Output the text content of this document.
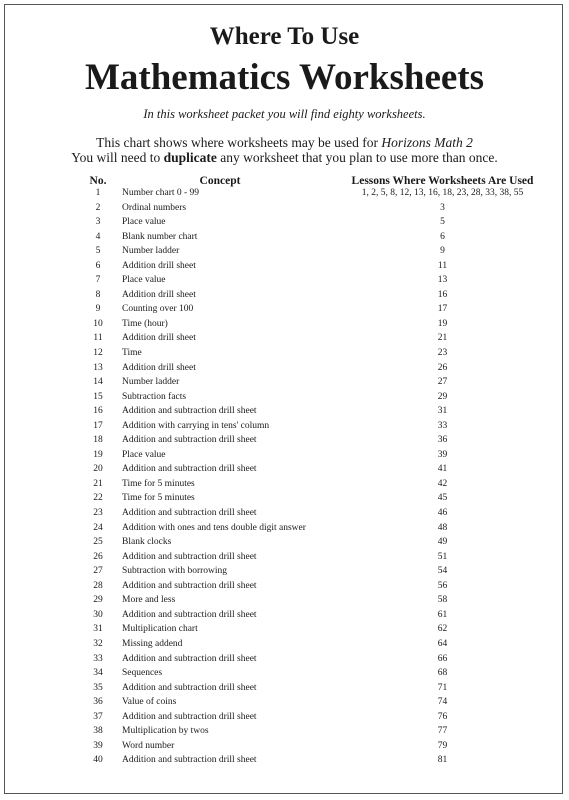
Where To Use
Mathematics Worksheets
In this worksheet packet you will find eighty worksheets.
This chart shows where worksheets may be used for Horizons Math 2
You will need to duplicate any worksheet that you plan to use more than once.
No.	Concept	Lessons Where Worksheets Are Used
1	Number chart 0 - 99	1, 2, 5, 8, 12, 13, 16, 18, 23, 28, 33, 38, 55
2	Ordinal numbers	3
3	Place value	5
4	Blank number chart	6
5	Number ladder	9
6	Addition drill sheet	11
7	Place value	13
8	Addition drill sheet	16
9	Counting over 100	17
10	Time (hour)	19
11	Addition drill sheet	21
12	Time	23
13	Addition drill sheet	26
14	Number ladder	27
15	Subtraction facts	29
16	Addition and subtraction drill sheet	31
17	Addition with carrying in tens' column	33
18	Addition and subtraction drill sheet	36
19	Place value	39
20	Addition and subtraction drill sheet	41
21	Time for 5 minutes	42
22	Time for 5 minutes	45
23	Addition and subtraction drill sheet	46
24	Addition with ones and tens double digit answer	48
25	Blank clocks	49
26	Addition and subtraction drill sheet	51
27	Subtraction with borrowing	54
28	Addition and subtraction drill sheet	56
29	More and less	58
30	Addition and subtraction drill sheet	61
31	Multiplication chart	62
32	Missing addend	64
33	Addition and subtraction drill sheet	66
34	Sequences	68
35	Addition and subtraction drill sheet	71
36	Value of coins	74
37	Addition and subtraction drill sheet	76
38	Multiplication by twos	77
39	Word number	79
40	Addition and subtraction drill sheet	81
